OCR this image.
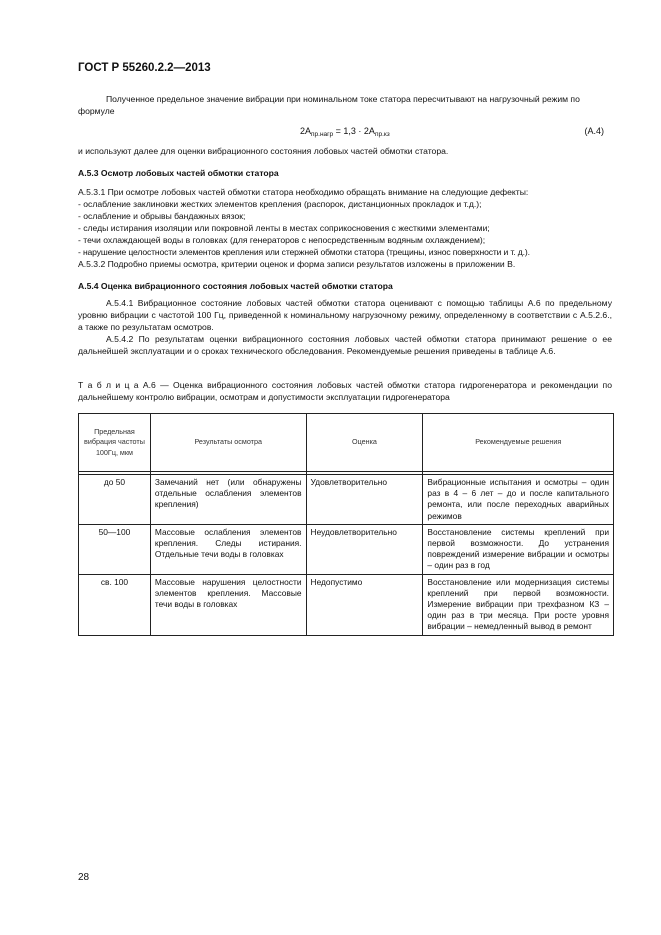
ГОСТ Р 55260.2.2—2013
Полученное предельное значение вибрации при номинальном токе статора пересчитывают на нагрузочный режим по формуле
$2A_{пр.нагр} = 1,3 \cdot 2A_{пр.кз}$	(А.4)
и используют далее для оценки вибрационного состояния лобовых частей обмотки статора.
А.5.3 Осмотр лобовых частей обмотки статора

А.5.3.1 При осмотре лобовых частей обмотки статора необходимо обращать внимание на следующие дефекты:

- ослабление заклиновки жестких элементов крепления (распорок, дистанционных прокладок и т.д.);

- ослабление и обрывы бандажных вязок;

- следы истирания изоляции или покровной ленты в местах соприкосновения с жесткими элементами;

- течи охлаждающей воды в головках (для генераторов с непосредственным водяным охлаждением);

- нарушение целостности элементов крепления или стержней обмотки статора (трещины, износ поверхности и т. д.).

А.5.3.2 Подробно приемы осмотра, критерии оценок и форма записи результатов изложены в приложении В.

А.5.4 Оценка вибрационного состояния лобовых частей обмотки статора
А.5.4.1 Вибрационное состояние лобовых частей обмотки статора оценивают с помощью таблицы А.6 по предельному уровню вибрации с частотой 100 Гц, приведенной к номинальному нагрузочному режиму, определенному в соответствии с А.5.2.6., а также по результатам осмотров.
А.5.4.2 По результатам оценки вибрационного состояния лобовых частей обмотки статора принимают решение о ее дальнейшей эксплуатации и о сроках технического обследования. Рекомендуемые решения приведены в таблице А.6.
Т а б л и ц а А.6 — Оценка вибрационного состояния лобовых частей обмотки статора гидрогенератора и рекомендации по дальнейшему контролю вибрации, осмотрам и допустимости эксплуатации гидрогенератора
Предельная вибрация частоты 100Гц, мкм	Результаты осмотра	Оценка	Рекомендуемые решения

до 50	Замечаний нет (или обнаружены отдельные ослабления элементов крепления)	Удовлетворительно	Вибрационные испытания и осмотры – один раз в 4 – 6 лет – до и после капитального ремонта, или после переходных аварийных режимов
50—100	Массовые ослабления элементов крепления. Следы истирания. Отдельные течи воды в головках	Неудовлетворительно	Восстановление системы креплений при первой возможности. До устранения повреждений измерение вибрации и осмотры – один раз в год
св. 100	Массовые нарушения целостности элементов крепления. Массовые течи воды в головках	Недопустимо	Восстановление или модернизация системы креплений при первой возможности. Измерение вибрации при трехфазном КЗ – один раз в три месяца. При росте уровня вибрации – немедленный вывод в ремонт
28
